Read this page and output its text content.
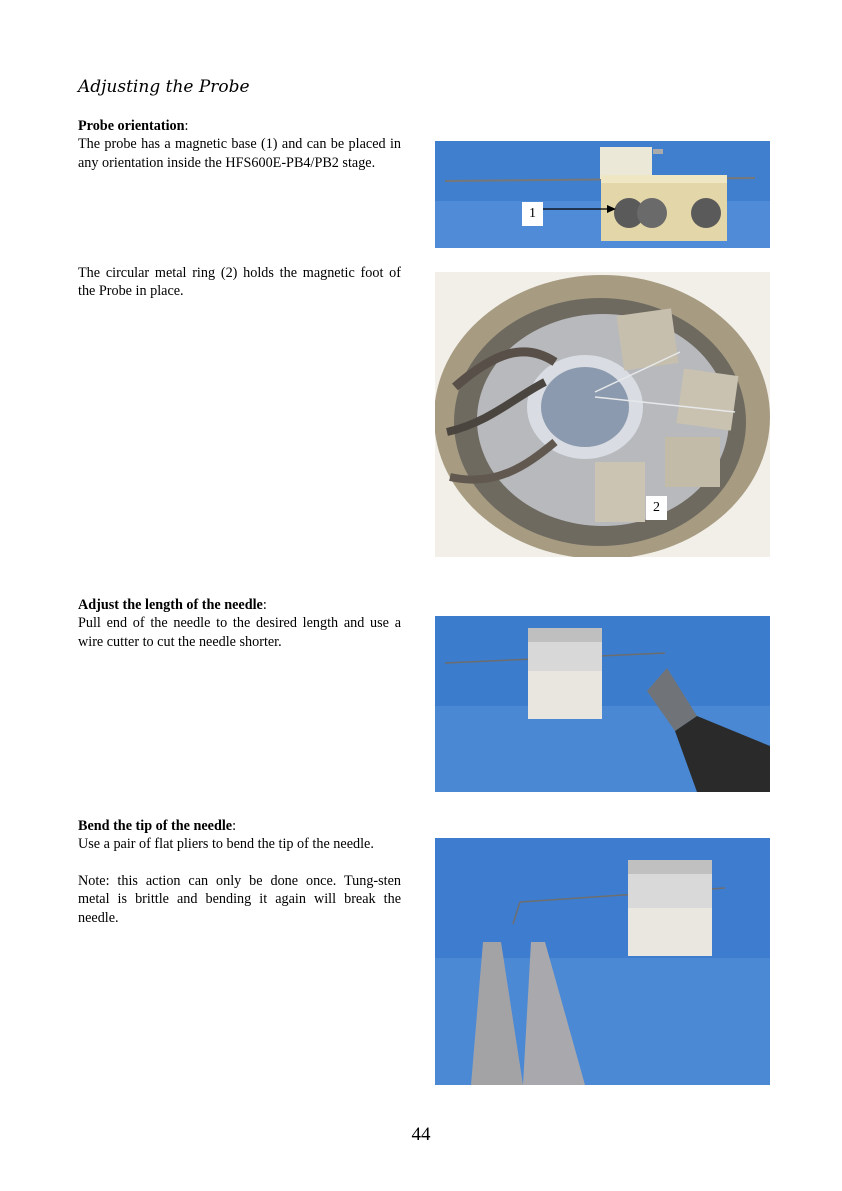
Adjusting the Probe

Probe orientation:

The probe has a magnetic base (1) and can be placed in any orientation inside the HFS600E-PB4/PB2 stage.

1

The circular metal ring (2) holds the magnetic foot of the Probe in place.

2

Adjust the length of the needle:

Pull end of the needle to the desired length and use a wire cutter to cut the needle shorter.

Bend the tip of the needle:

Use a pair of flat pliers to bend the tip of the needle.

Note: this action can only be done once. Tung-sten metal is brittle and bending it again will break the needle.

44
